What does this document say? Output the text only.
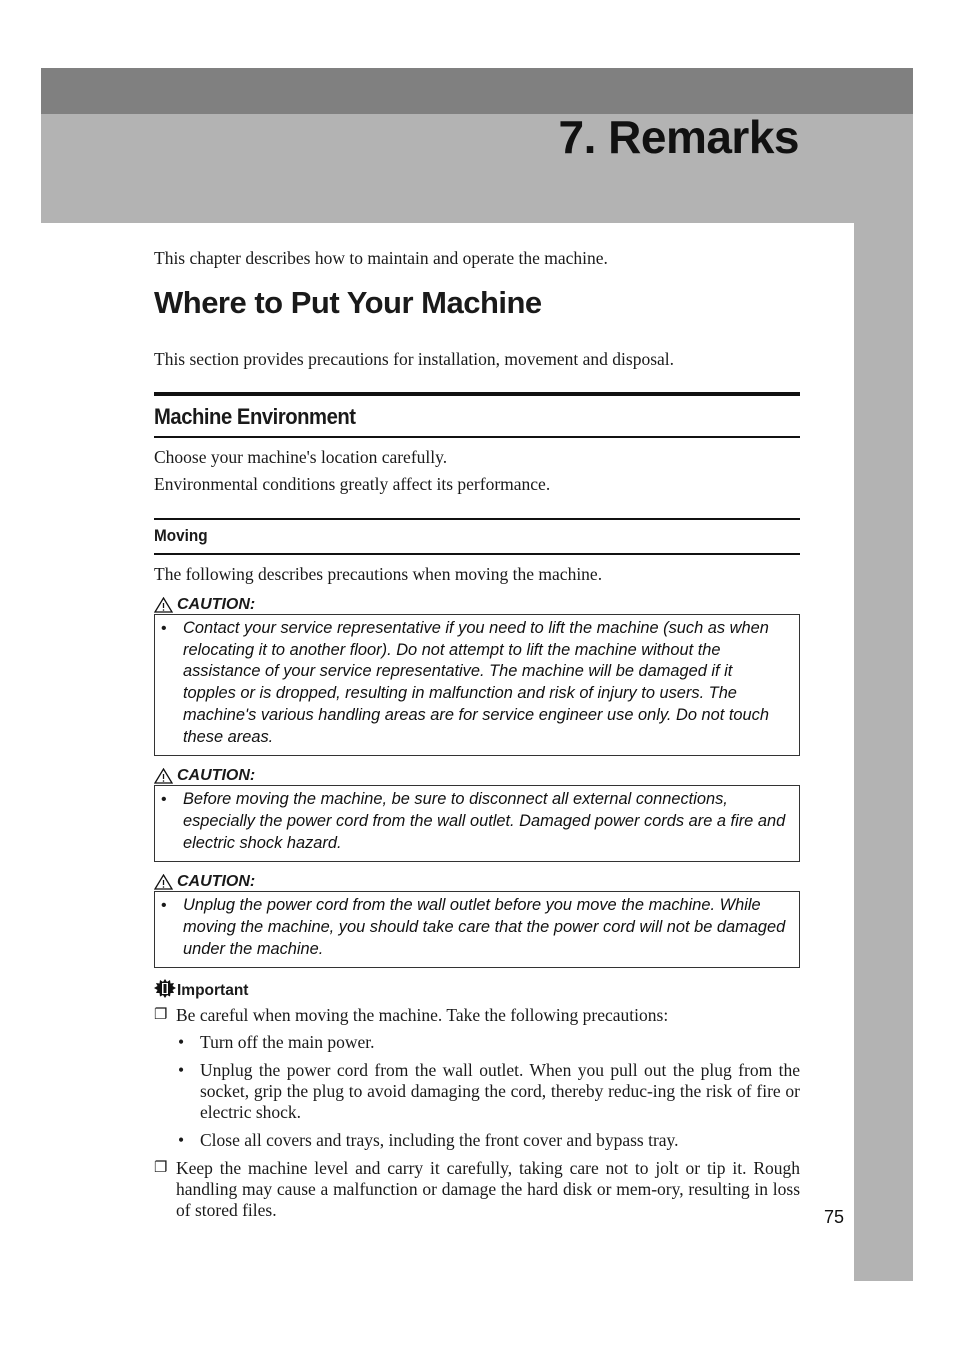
7. Remarks

This chapter describes how to maintain and operate the machine.

Where to Put Your Machine

This section provides precautions for installation, movement and disposal.

Machine Environment

Choose your machine's location carefully.

Environmental conditions greatly affect its performance.

Moving

The following describes precautions when moving the machine.

CAUTION:
• Contact your service representative if you need to lift the machine (such as when relocating it to another floor). Do not attempt to lift the machine without the assistance of your service representative. The machine will be damaged if it topples or is dropped, resulting in malfunction and risk of injury to users. The machine's various handling areas are for service engineer use only. Do not touch these areas.
CAUTION:
• Before moving the machine, be sure to disconnect all external connections, especially the power cord from the wall outlet. Damaged power cords are a fire and electric shock hazard.
CAUTION:
• Unplug the power cord from the wall outlet before you move the machine. While moving the machine, you should take care that the power cord will not be damaged under the machine.
Important
❐ Be careful when moving the machine. Take the following precautions:
• Turn off the main power.
• Unplug the power cord from the wall outlet. When you pull out the plug from the socket, grip the plug to avoid damaging the cord, thereby reduc-ing the risk of fire or electric shock.
• Close all covers and trays, including the front cover and bypass tray.
❐ Keep the machine level and carry it carefully, taking care not to jolt or tip it. Rough handling may cause a malfunction or damage the hard disk or mem-ory, resulting in loss of stored files.	75
